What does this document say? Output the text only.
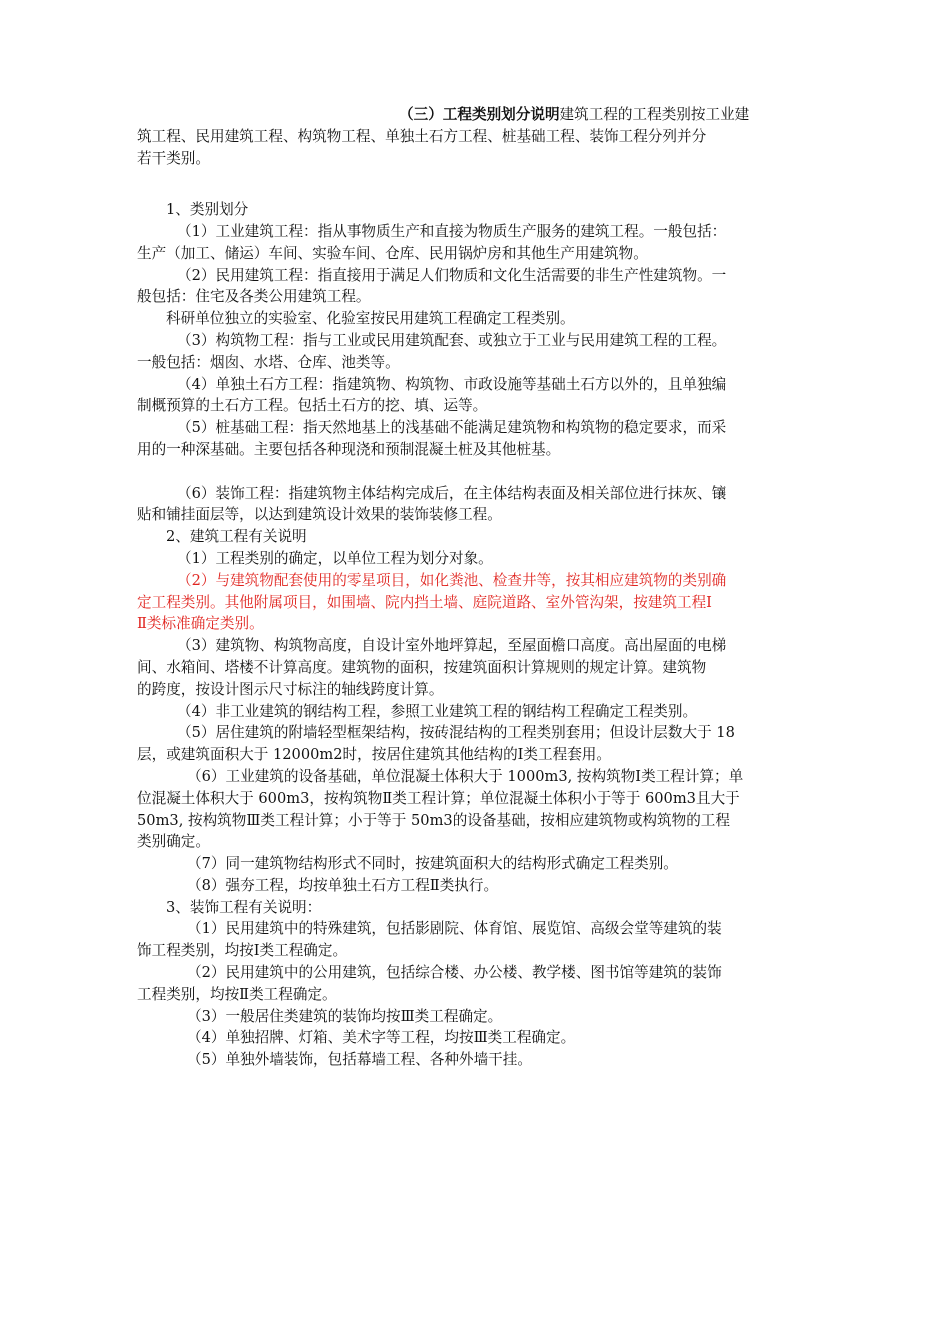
（三）工程类别划分说明建筑工程的工程类别按工业建
筑工程、民用建筑工程、构筑物工程、单独土石方工程、桩基础工程、装饰工程分列并分
若干类别。
1、类别划分
（1）工业建筑工程：指从事物质生产和直接为物质生产服务的建筑工程。一般包括：
生产（加工、储运）车间、实验车间、仓库、民用锅炉房和其他生产用建筑物。
（2）民用建筑工程：指直接用于满足人们物质和文化生活需要的非生产性建筑物。一
般包括：住宅及各类公用建筑工程。
科研单位独立的实验室、化验室按民用建筑工程确定工程类别。
（3）构筑物工程：指与工业或民用建筑配套、或独立于工业与民用建筑工程的工程。
一般包括：烟囱、水塔、仓库、池类等。
（4）单独土石方工程：指建筑物、构筑物、市政设施等基础土石方以外的，且单独编
制概预算的土石方工程。包括土石方的挖、填、运等。
（5）桩基础工程：指天然地基上的浅基础不能满足建筑物和构筑物的稳定要求，而采
用的一种深基础。主要包括各种现浇和预制混凝土桩及其他桩基。

（6）装饰工程：指建筑物主体结构完成后，在主体结构表面及相关部位进行抹灰、镶
贴和铺挂面层等，以达到建筑设计效果的装饰装修工程。
2、建筑工程有关说明
（1）工程类别的确定，以单位工程为划分对象。
（2）与建筑物配套使用的零星项目，如化粪池、检查井等，按其相应建筑物的类别确
定工程类别。其他附属项目，如围墙、院内挡土墙、庭院道路、室外管沟架，按建筑工程Ⅰ
Ⅱ类标准确定类别。
（3）建筑物、构筑物高度，自设计室外地坪算起，至屋面檐口高度。高出屋面的电梯
间、水箱间、塔楼不计算高度。建筑物的面积，按建筑面积计算规则的规定计算。建筑物
的跨度，按设计图示尺寸标注的轴线跨度计算。
（4）非工业建筑的钢结构工程，参照工业建筑工程的钢结构工程确定工程类别。
（5）居住建筑的附墙轻型框架结构，按砖混结构的工程类别套用；但设计层数大于 18
层，或建筑面积大于 12000m2时，按居住建筑其他结构的Ⅰ类工程套用。
（6）工业建筑的设备基础，单位混凝土体积大于 1000m3, 按构筑物Ⅰ类工程计算；单
位混凝土体积大于 600m3，按构筑物Ⅱ类工程计算；单位混凝土体积小于等于 600m3且大于
50m3, 按构筑物Ⅲ类工程计算；小于等于 50m3的设备基础，按相应建筑物或构筑物的工程
类别确定。
（7）同一建筑物结构形式不同时，按建筑面积大的结构形式确定工程类别。
（8）强夯工程，均按单独土石方工程Ⅱ类执行。
3、装饰工程有关说明：
（1）民用建筑中的特殊建筑，包括影剧院、体育馆、展览馆、高级会堂等建筑的装
饰工程类别，均按Ⅰ类工程确定。
（2）民用建筑中的公用建筑，包括综合楼、办公楼、教学楼、图书馆等建筑的装饰
工程类别，均按Ⅱ类工程确定。
（3）一般居住类建筑的装饰均按Ⅲ类工程确定。
（4）单独招牌、灯箱、美术字等工程，均按Ⅲ类工程确定。
（5）单独外墙装饰，包括幕墙工程、各种外墙干挂。
